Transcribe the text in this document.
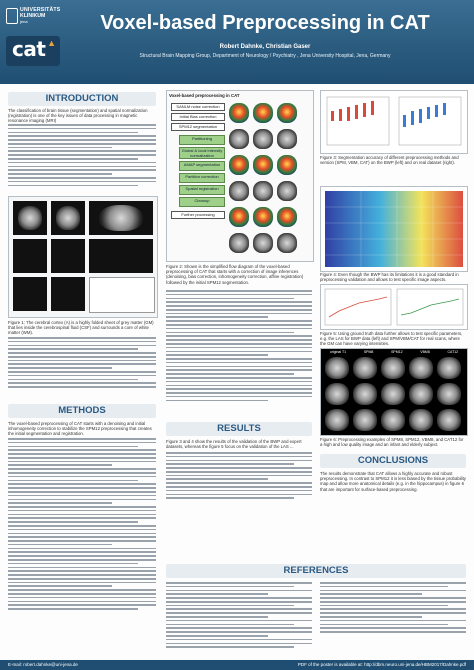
UNIVERSITÄTS
KLINIKUM
jena
cat ▲
Voxel-based Preprocessing in CAT
Robert Dahnke, Christian Gaser
Structural Brain Mapping Group, Department of Neurology / Psychiatry , Jena University Hospital, Jena, Germany
INTRODUCTION
The classification of brain tissue (segmentation) and spatial normalization (registration) is one of the key issues of data processing in magnetic resonance imaging (MRI)
Figure 1: The cerebral cortex (A) is a highly folded sheet of grey matter (GM) that lies inside the cerebrospinal fluid (CSF) and surrounds a core of white matter (WM).
METHODS
The voxel-based preprocessing of CAT starts with a denoising and initial inhomogeneity correction to stabilize the SPM12 preprocessing that creates the initial segmentation and registration.
Voxel-based preprocessing in CAT
SANLM noise correction
Initial Bias correction
SPM12 segmentation
Partitioning
Global & local intensity normalization
AMAP segmentation
Partition correction
Spatial registration
Cleanup
Further processing
Figure 2: Shown is the simplified flow diagram of the voxel-based preprocessing of CAT that starts with a correction of image inferences (denoising, bias correction, inhomogeneity correction, affine registration) followed by the initial SPM12 segmentation.
RESULTS
Figure 3 and 4 show the results of the validation of the BWP and expert datasets, whereas the figure 5 focus on the validation of the LAS ...
Figure 3: Segmentation accuracy of different preprocessing methods and version (SPM, VBM, CAT) on the BWP (left) and on real dataset (right).
Figure 4: Even though the BWP has its limitations it is a good standard in preprocessing validation and allows to test specific image aspects.
Figure 5: Using ground truth data further allows to test specific parameters, e.g. the LAS for BWP data (left) and SPM/VBM/CAT for real scans, where the GM can have varying intensities.
original T1	SPM8	SPM12	VBM8	CAT12
Figure 6: Preprocessing examples of SPM8, SPM12, VBM8, and CAT12 for a high and low quality image and an infant and elderly subject.
CONCLUSIONS
The results demonstrate that CAT allows a highly accurate and robust preprocessing. In contrast to SPM12 it is less biased by the tissue probability map and allow more anatomical details (e.g. in the hippocampus) in figure 6 that are important for surface-based preprocessing.
REFERENCES
E-mail: robert.dahnke@uni-jena.de	PDF of the poster is available at: http://dbm.neuro.uni-jena.de/HBM2017/Dahnke.pdf
